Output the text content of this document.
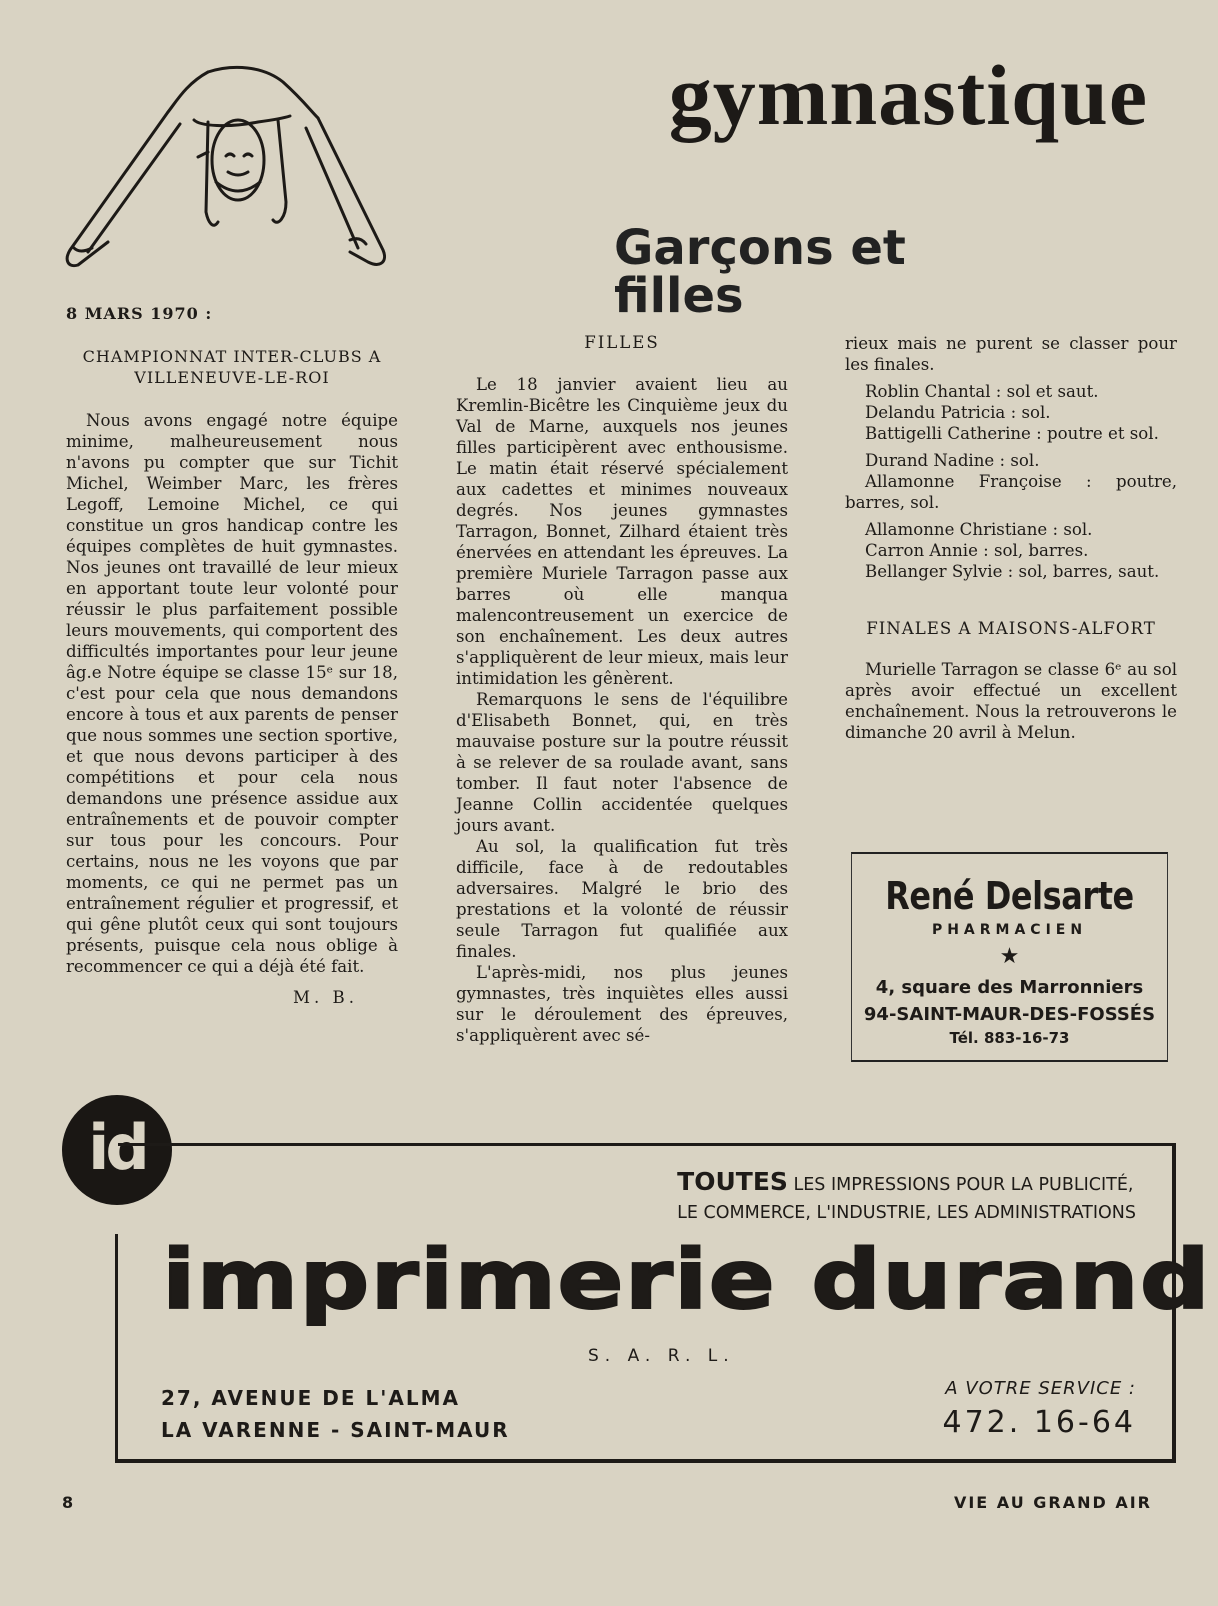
gymnastique
Garçons et filles
8 MARS 1970 :
CHAMPIONNAT INTER-CLUBS A VILLENEUVE-LE-ROI

Nous avons engagé notre équipe minime, malheureusement nous n'avons pu compter que sur Tichit Michel, Weimber Marc, les frères Legoff, Lemoine Michel, ce qui constitue un gros handicap contre les équipes complètes de huit gymnastes. Nos jeunes ont travaillé de leur mieux en apportant toute leur volonté pour réussir le plus parfaitement possible leurs mouvements, qui comportent des difficultés importantes pour leur jeune âg.e Notre équipe se classe 15ᵉ sur 18, c'est pour cela que nous demandons encore à tous et aux parents de penser que nous sommes une section sportive, et que nous devons participer à des compétitions et pour cela nous demandons une présence assidue aux entraînements et de pouvoir compter sur tous pour les concours. Pour certains, nous ne les voyons que par moments, ce qui ne permet pas un entraînement régulier et progressif, et qui gêne plutôt ceux qui sont toujours présents, puisque cela nous oblige à recommencer ce qui a déjà été fait.

M. B.
FILLES

Le 18 janvier avaient lieu au Kremlin-Bicêtre les Cinquième jeux du Val de Marne, auxquels nos jeunes filles participèrent avec enthousisme. Le matin était réservé spécialement aux cadettes et minimes nouveaux degrés. Nos jeunes gymnastes Tarragon, Bonnet, Zilhard étaient très énervées en attendant les épreuves. La première Muriele Tarragon passe aux barres où elle manqua malencontreusement un exercice de son enchaînement. Les deux autres s'appliquèrent de leur mieux, mais leur intimidation les gênèrent.

Remarquons le sens de l'équilibre d'Elisabeth Bonnet, qui, en très mauvaise posture sur la poutre réussit à se relever de sa roulade avant, sans tomber. Il faut noter l'absence de Jeanne Collin accidentée quelques jours avant.

Au sol, la qualification fut très difficile, face à de redoutables adversaires. Malgré le brio des prestations et la volonté de réussir seule Tarragon fut qualifiée aux finales.

L'après-midi, nos plus jeunes gymnastes, très inquiètes elles aussi sur le déroulement des épreuves, s'appliquèrent avec sé-

rieux mais ne purent se classer pour les finales.

Roblin Chantal : sol et saut.

Delandu Patricia : sol.

Battigelli Catherine : poutre et sol.

Durand Nadine : sol.

Allamonne Françoise : poutre, barres, sol.

Allamonne Christiane : sol.

Carron Annie : sol, barres.

Bellanger Sylvie : sol, barres, saut.

FINALES A MAISONS-ALFORT

Murielle Tarragon se classe 6ᵉ au sol après avoir effectué un excellent enchaînement. Nous la retrouverons le dimanche 20 avril à Melun.

René Delsarte
PHARMACIEN
★
4, square des Marronniers
94-SAINT-MAUR-DES-FOSSÉS
Tél. 883-16-73
id	TOUTES LES IMPRESSIONS POUR LA PUBLICITÉ,
LE COMMERCE, L'INDUSTRIE, LES ADMINISTRATIONS
imprimerie durand
S. A. R. L.
27, AVENUE DE L'ALMA
LA VARENNE - SAINT-MAUR
A VOTRE SERVICE :
472. 16-64
8	VIE AU GRAND AIR
